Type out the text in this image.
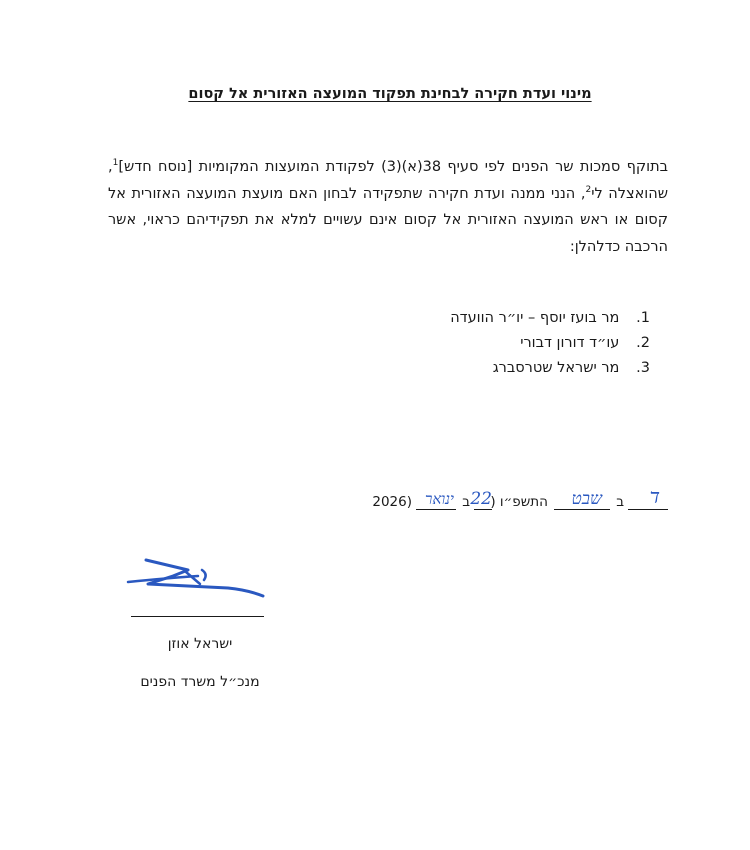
מינוי ועדת חקירה לבחינת תפקוד המועצה האזורית אל קסום

בתוקף סמכות שר הפנים לפי סעיף 38(א)(3) לפקודת המועצות המקומיות [נוסח חדש]$^1$, שהואצלה לי$^2$, הנני ממנה ועדת חקירה שתפקידה לבחון האם מועצת המועצה האזורית אל קסום או ראש המועצה האזורית אל קסום אינם עשויים למלא את תפקידיהם כראוי, אשר הרכבה כדלהלן:

1. מר בועז יוסף – יו״ר הוועדה
2. עו״ד דורון דבורי
3. מר ישראל שטרסברג
ד
ב
שבט
התשפ״ו (
22
ב
ינואר
2026)
ישראל אוזן
מנכ״ל משרד הפנים
